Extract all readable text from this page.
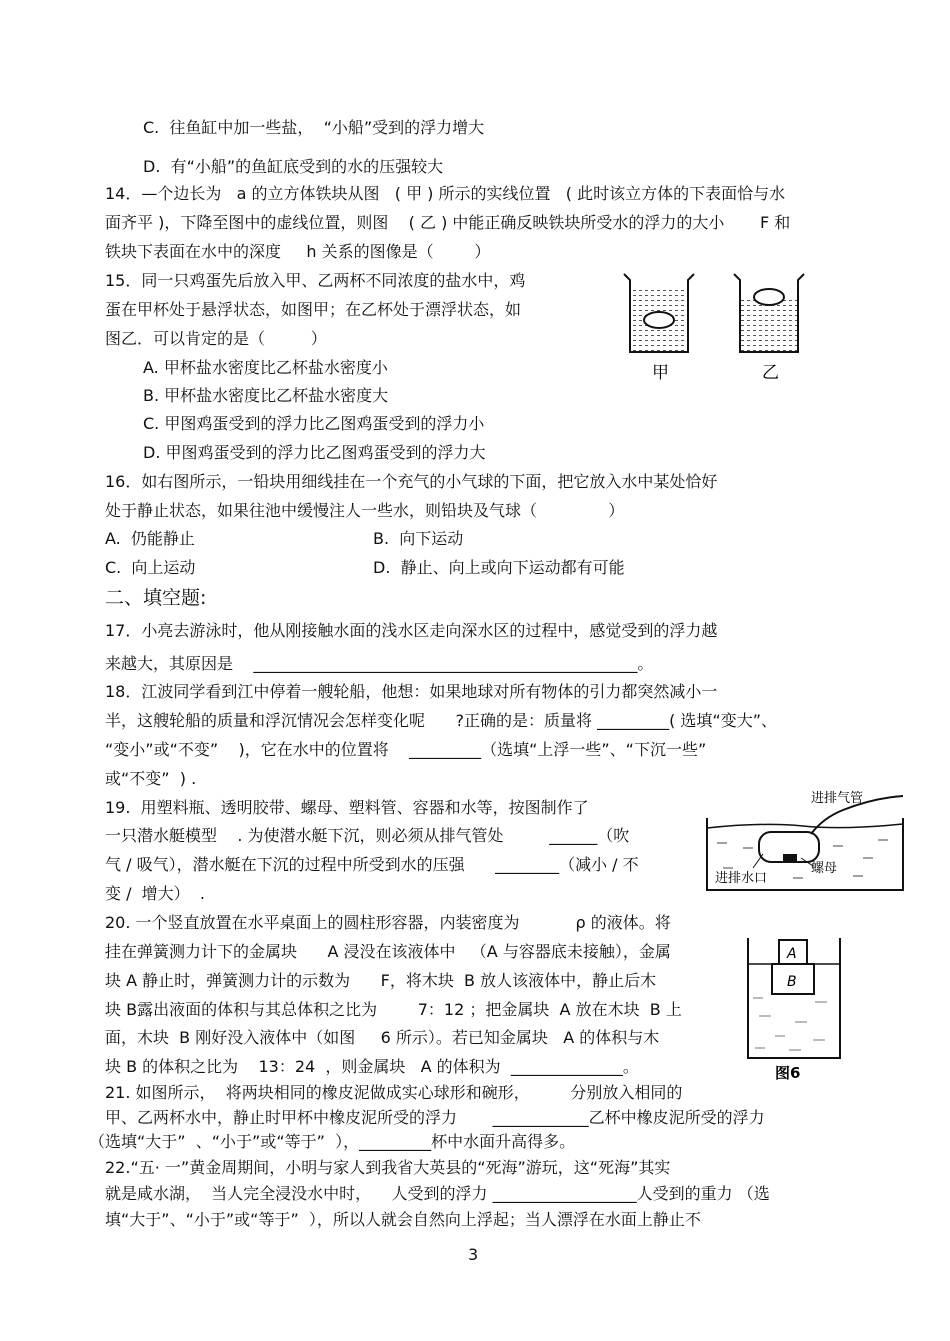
C.  往鱼缸中加一些盐，  “小船”受到的浮力增大
D.  有“小船”的鱼缸底受到的水的压强较大
14．—个边长为   a 的立方体铁块从图   ( 甲 ) 所示的实线位置   ( 此时该立方体的下表面恰与水
面齐平 )，下降至图中的虚线位置，则图    ( 乙 ) 中能正确反映铁块所受水的浮力的大小       F 和
铁块下表面在水中的深度     h 关系的图像是（        ）
15．同一只鸡蛋先后放入甲、乙两杯不同浓度的盐水中，鸡
蛋在甲杯处于悬浮状态，如图甲；在乙杯处于漂浮状态，如
图乙．可以肯定的是（         ）
A. 甲杯盐水密度比乙杯盐水密度小
B. 甲杯盐水密度比乙杯盐水密度大
C. 甲图鸡蛋受到的浮力比乙图鸡蛋受到的浮力小
D. 甲图鸡蛋受到的浮力比乙图鸡蛋受到的浮力大
16．如右图所示，一铅块用细线挂在一个充气的小气球的下面，把它放入水中某处恰好
处于静止状态，如果往池中缓慢注人一些水，则铅块及气球（              ）
A.  仍能静止	B.  向下运动
C.  向上运动	D.  静止、向上或向下运动都有可能
二、填空题:
17．小亮去游泳时，他从刚接触水面的浅水区走向深水区的过程中，感觉受到的浮力越
来越大，其原因是    ________________________________________________。
18．江波同学看到江中停着一艘轮船，他想：如果地球对所有物体的引力都突然减小一
半，这艘轮船的质量和浮沉情况会怎样变化呢      ?正确的是：质量将 _________( 选填“变大”、
“变小”或“不变”    )，它在水中的位置将    _________（选填“上浮一些”、“下沉一些”
或“不变”  ) .
19.  用塑料瓶、透明胶带、螺母、塑料管、容器和水等，按图制作了
一只潜水艇模型    . 为使潜水艇下沉，则必须从排气管处         ______（吹
气 / 吸气），潜水艇在下沉的过程中所受到水的压强      ________（减小 / 不
变 /  增大）  .
20. 一个竖直放置在水平桌面上的圆柱形容器，内装密度为           ρ 的液体。将
挂在弹簧测力计下的金属块      A 浸没在该液体中   （A 与容器底未接触），金属
块 A 静止时，弹簧测力计的示数为      F，将木块  B 放人该液体中，静止后木
块 B露出液面的体积与其总体积之比为        7：12 ；把金属块  A 放在木块  B 上
面，木块  B 刚好没入液体中（如图     6 所示）。若已知金属块   A 的体积与木
块 B 的体积之比为    13：24  ，则金属块   A 的体积为  ______________。
21. 如图所示，  将两块相同的橡皮泥做成实心球形和碗形，        分别放入相同的
甲、乙两杯水中，静止时甲杯中橡皮泥所受的浮力       ____________乙杯中橡皮泥所受的浮力
（选填“大于”  、“小于”或“等于”  ），_________杯中水面升高得多。
22.“五· 一”黄金周期间，小明与家人到我省大英县的“死海”游玩，这“死海”其实
就是咸水湖，  当人完全浸没水中时，    人受到的浮力 __________________人受到的重力 （选
填“大于”、“小于”或“等于”  ），所以人就会自然向上浮起；当人漂浮在水面上静止不
甲	乙
进排气管
螺母
进排水口
A
B
图6
3
